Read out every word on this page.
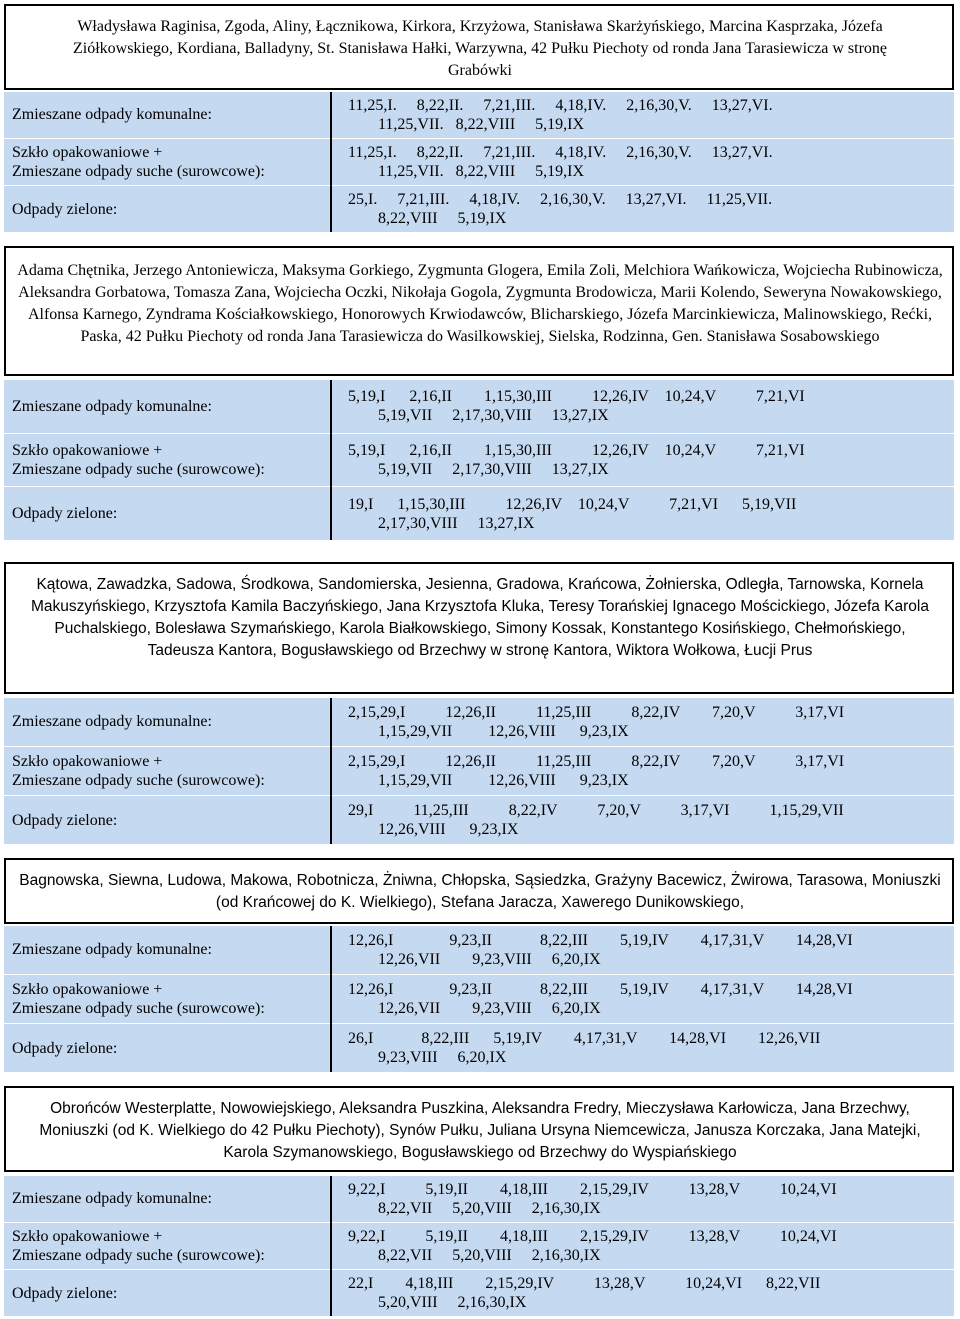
Władysława Raginisa, Zgoda, Aliny, Łącznikowa, Kirkora, Krzyżowa, Stanisława Skarżyńskiego, Marcina Kasprzaka, Józefa Ziółkowskiego, Kordiana, Balladyny, St. Stanisława Hałki, Warzywna, 42 Pułku Piechoty od ronda Jana Tarasiewicza w stronę Grabówki
Zmieszane odpady komunalne:	11,25,I.     8,22,II.     7,21,III.     4,18,IV.     2,16,30,V.     13,27,VI.
11,25,VII.   8,22,VIII     5,19,IX

Szkło opakowaniowe +
Zmieszane odpady suche (surowcowe):	11,25,I.     8,22,II.     7,21,III.     4,18,IV.     2,16,30,V.     13,27,VI.
11,25,VII.   8,22,VIII     5,19,IX

Odpady zielone:	25,I.     7,21,III.     4,18,IV.     2,16,30,V.     13,27,VI.     11,25,VII.
8,22,VIII     5,19,IX
Adama Chętnika, Jerzego Antoniewicza, Maksyma Gorkiego, Zygmunta Glogera, Emila Zoli, Melchiora Wańkowicza, Wojciecha Rubinowicza, Aleksandra Gorbatowa, Tomasza Zana, Wojciecha Oczki, Nikołaja Gogola, Zygmunta Brodowicza, Marii Kolendo, Seweryna Nowakowskiego, Alfonsa Karnego, Zyndrama Kościałkowskiego, Honorowych Krwiodawców, Blicharskiego, Józefa Marcinkiewicza, Malinowskiego, Rećki, Paska, 42 Pułku Piechoty od ronda Jana Tarasiewicza do Wasilkowskiej, Sielska, Rodzinna, Gen. Stanisława Sosabowskiego
Zmieszane odpady komunalne:	5,19,I      2,16,II        1,15,30,III          12,26,IV    10,24,V          7,21,VI
5,19,VII     2,17,30,VIII     13,27,IX

Szkło opakowaniowe +
Zmieszane odpady suche (surowcowe):	5,19,I      2,16,II        1,15,30,III          12,26,IV    10,24,V          7,21,VI
5,19,VII     2,17,30,VIII     13,27,IX

Odpady zielone:	19,I      1,15,30,III          12,26,IV    10,24,V          7,21,VI      5,19,VII
2,17,30,VIII     13,27,IX
Kątowa, Zawadzka, Sadowa, Środkowa, Sandomierska, Jesienna, Gradowa, Krańcowa, Żołnierska, Odległa, Tarnowska, Kornela Makuszyńskiego, Krzysztofa Kamila Baczyńskiego, Jana Krzysztofa Kluka, Teresy Torańskiej Ignacego Mościckiego, Józefa Karola Puchalskiego, Bolesława Szymańskiego, Karola Białkowskiego, Simony Kossak, Konstantego Kosińskiego, Chełmońskiego, Tadeusza Kantora, Bogusławskiego od Brzechwy w stronę Kantora, Wiktora Wołkowa, Łucji Prus
Zmieszane odpady komunalne:	2,15,29,I          12,26,II          11,25,III          8,22,IV        7,20,V          3,17,VI
1,15,29,VII         12,26,VIII      9,23,IX

Szkło opakowaniowe +
Zmieszane odpady suche (surowcowe):	2,15,29,I          12,26,II          11,25,III          8,22,IV        7,20,V          3,17,VI
1,15,29,VII         12,26,VIII      9,23,IX

Odpady zielone:	29,I          11,25,III          8,22,IV          7,20,V          3,17,VI          1,15,29,VII
12,26,VIII      9,23,IX
Bagnowska, Siewna, Ludowa, Makowa, Robotnicza, Żniwna, Chłopska, Sąsiedzka, Grażyny Bacewicz, Żwirowa, Tarasowa, Moniuszki (od Krańcowej do K. Wielkiego), Stefana Jaracza, Xawerego Dunikowskiego,
Zmieszane odpady komunalne:	12,26,I              9,23,II            8,22,III        5,19,IV        4,17,31,V        14,28,VI
12,26,VII        9,23,VIII     6,20,IX

Szkło opakowaniowe +
Zmieszane odpady suche (surowcowe):	12,26,I              9,23,II            8,22,III        5,19,IV        4,17,31,V        14,28,VI
12,26,VII        9,23,VIII     6,20,IX

Odpady zielone:	26,I            8,22,III      5,19,IV        4,17,31,V        14,28,VI        12,26,VII
9,23,VIII     6,20,IX
Obrońców Westerplatte, Nowowiejskiego, Aleksandra Puszkina, Aleksandra Fredry, Mieczysława Karłowicza, Jana Brzechwy, Moniuszki (od K. Wielkiego do 42 Pułku Piechoty), Synów Pułku, Juliana Ursyna Niemcewicza, Janusza Korczaka, Jana Matejki, Karola Szymanowskiego, Bogusławskiego od Brzechwy do Wyspiańskiego
Zmieszane odpady komunalne:	9,22,I          5,19,II        4,18,III        2,15,29,IV          13,28,V          10,24,VI
8,22,VII     5,20,VIII     2,16,30,IX

Szkło opakowaniowe +
Zmieszane odpady suche (surowcowe):	9,22,I          5,19,II        4,18,III        2,15,29,IV          13,28,V          10,24,VI
8,22,VII     5,20,VIII     2,16,30,IX

Odpady zielone:	22,I        4,18,III        2,15,29,IV          13,28,V          10,24,VI      8,22,VII
5,20,VIII     2,16,30,IX
